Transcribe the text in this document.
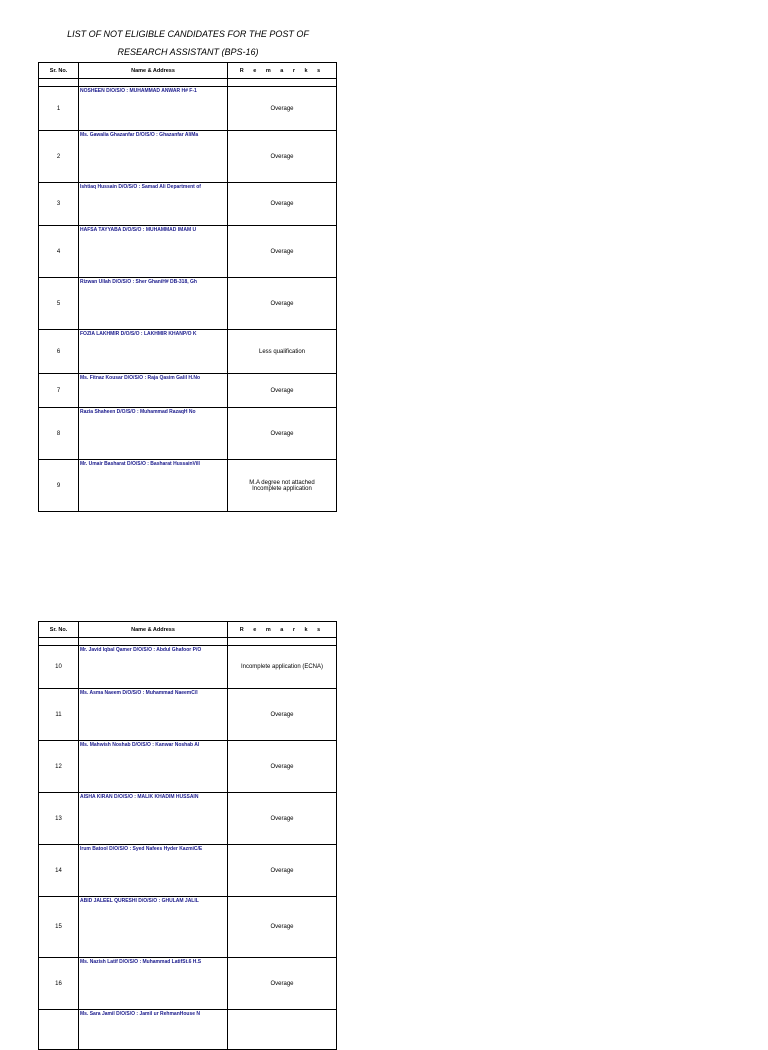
LIST OF NOT ELIGIBLE CANDIDATES FOR THE POST OF
RESEARCH ASSISTANT (BPS-16)
Sr. No.	Name & Address	R e m a r k s

1	NOSHEEN D/O/S/O : MUHAMMAD ANWAR H# F-1	Overage
2	Ms. Gawalia Ghazanfar D/O/S/O : Ghazanfar AliMa	Overage
3	Ishtiaq Hussain D/O/S/O : Samad Ali Department of	Overage
4	HAFSA TAYYABA D/O/S/O : MUHAMMAD IMAM U	Overage
5	Rizwan Ullah D/O/S/O : Sher GhaniH# DB-318, Gh	Overage
6	FOZIA LAKHMIR D/O/S/O : LAKHMIR KHANP/O K	Less qualification
7	Ms. Fitnaz Kousar D/O/S/O : Raja Qasim Galil H.No	Overage
8	Razia Shaheen D/O/S/O : Muhammad RazaqH No	Overage
9	Mr. Umair Basharat D/O/S/O : Basharat HussainVill	M.A degree not attached
Incomplete application
Sr. No.	Name & Address	R e m a r k s

10	Mr. Javid Iqbal Qamer D/O/S/O : Abdul Ghafoor P/O	Incomplete application (ECNA)
11	Ms. Asma Naeem D/O/S/O : Muhammad NaeemC/I	Overage
12	Ms. Mahwish Noshab D/O/S/O : Kanwar Noshab Al	Overage
13	AISHA KIRAN D/O/S/O : MALIK KHADIM HUSSAIN	Overage
14	Irum Batool D/O/S/O : Syed Nafees Hyder KazmiC/E	Overage
15	ABID JALEEL QURESHI D/O/S/O : GHULAM JALIL	Overage
16	Ms. Nazish Latif D/O/S/O : Muhammad LatifSt.6 H.S	Overage
	Ms. Sara Jamil D/O/S/O : Jamil ur RehmanHouse N	
